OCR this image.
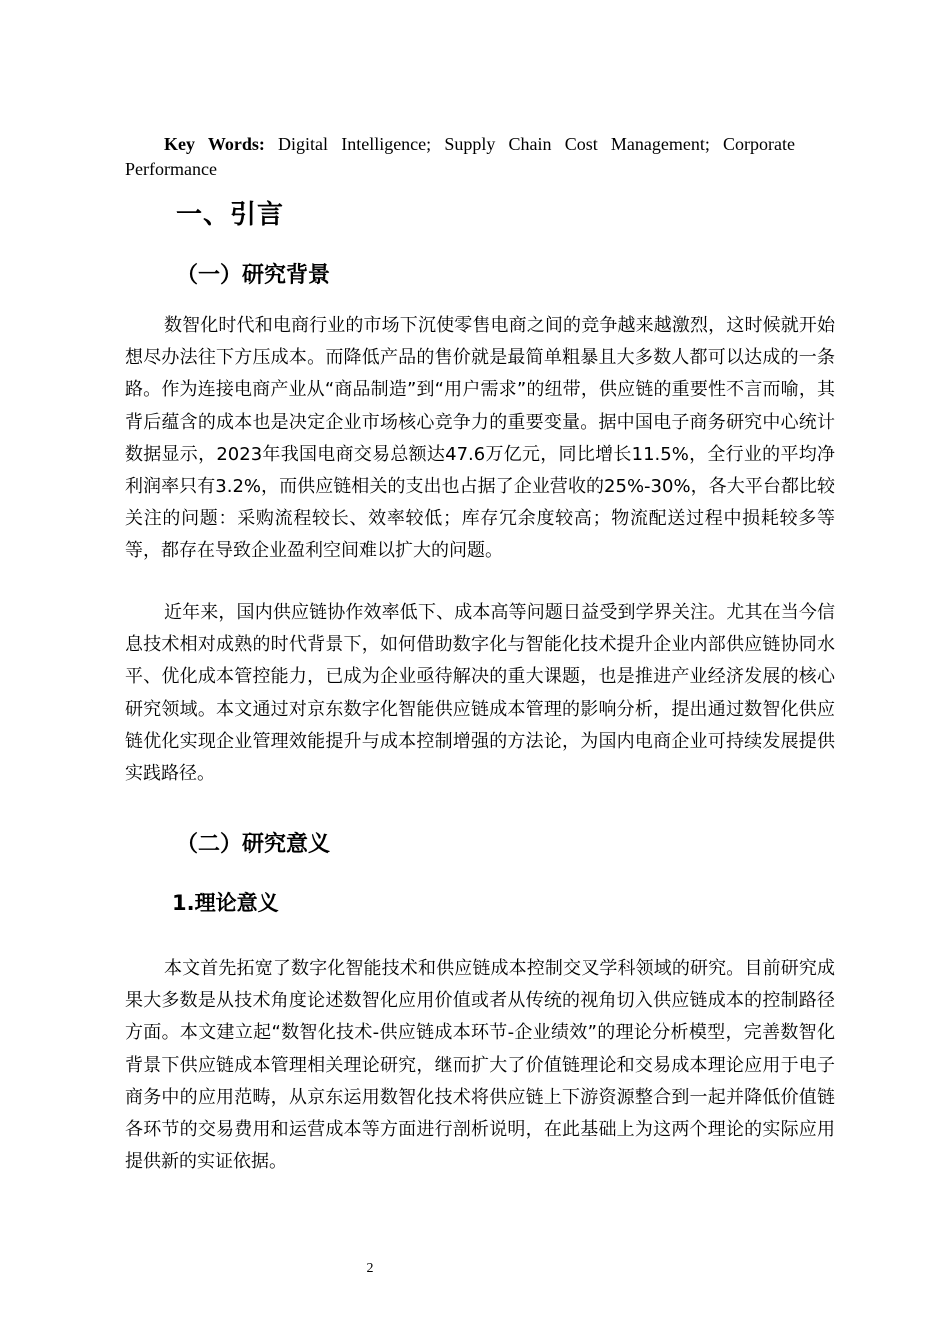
Key Words: Digital Intelligence; Supply Chain Cost Management; Corporate Performance

一、引言
（一）研究背景

数智化时代和电商行业的市场下沉使零售电商之间的竞争越来越激烈，这时候就开始想尽办法往下方压成本。而降低产品的售价就是最简单粗暴且大多数人都可以达成的一条路。作为连接电商产业从“商品制造”到“用户需求”的纽带，供应链的重要性不言而喻，其背后蕴含的成本也是决定企业市场核心竞争力的重要变量。据中国电子商务研究中心统计数据显示，2023年我国电商交易总额达47.6万亿元，同比增长11.5%，全行业的平均净利润率只有3.2%，而供应链相关的支出也占据了企业营收的25%-30%，各大平台都比较关注的问题：采购流程较长、效率较低；库存冗余度较高；物流配送过程中损耗较多等等，都存在导致企业盈利空间难以扩大的问题。

近年来，国内供应链协作效率低下、成本高等问题日益受到学界关注。尤其在当今信息技术相对成熟的时代背景下，如何借助数字化与智能化技术提升企业内部供应链协同水平、优化成本管控能力，已成为企业亟待解决的重大课题，也是推进产业经济发展的核心研究领域。本文通过对京东数字化智能供应链成本管理的影响分析，提出通过数智化供应链优化实现企业管理效能提升与成本控制增强的方法论，为国内电商企业可持续发展提供实践路径。

（二）研究意义
1.理论意义

本文首先拓宽了数字化智能技术和供应链成本控制交叉学科领域的研究。目前研究成果大多数是从技术角度论述数智化应用价值或者从传统的视角切入供应链成本的控制路径方面。本文建立起“数智化技术-供应链成本环节-企业绩效”的理论分析模型，完善数智化背景下供应链成本管理相关理论研究，继而扩大了价值链理论和交易成本理论应用于电子商务中的应用范畴，从京东运用数智化技术将供应链上下游资源整合到一起并降低价值链各环节的交易费用和运营成本等方面进行剖析说明，在此基础上为这两个理论的实际应用提供新的实证依据。

2
